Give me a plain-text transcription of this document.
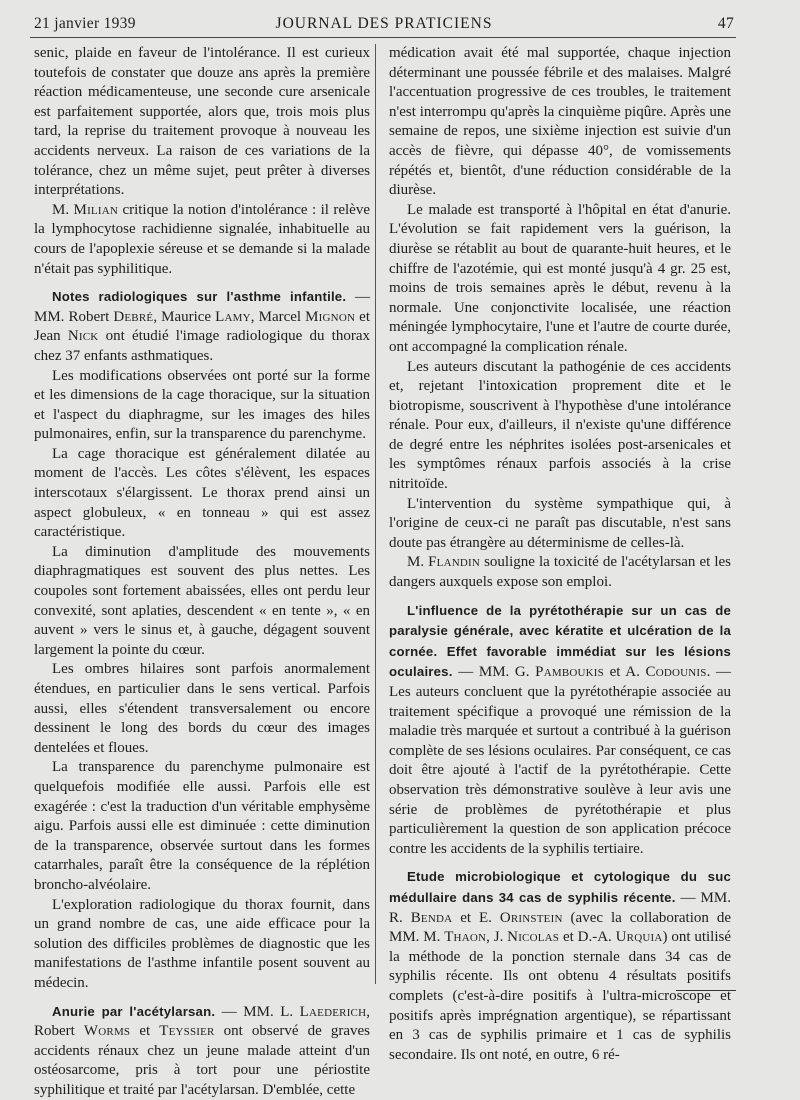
21 janvier 1939	JOURNAL DES PRATICIENS	47

senic, plaide en faveur de l'intolérance. Il est curieux toutefois de constater que douze ans après la première réaction médicamenteuse, une seconde cure arsenicale est parfaitement supportée, alors que, trois mois plus tard, la reprise du traitement provoque à nouveau les accidents nerveux. La raison de ces variations de la tolérance, chez un même sujet, peut prêter à diverses interprétations.

M. Milian critique la notion d'intolérance : il relève la lymphocytose rachidienne signalée, inhabituelle au cours de l'apoplexie séreuse et se demande si la malade n'était pas syphilitique.

Notes radiologiques sur l'asthme infantile. — MM. Robert Debré, Maurice Lamy, Marcel Mignon et Jean Nick ont étudié l'image radiologique du thorax chez 37 enfants asthmatiques.

Les modifications observées ont porté sur la forme et les dimensions de la cage thoracique, sur la situation et l'aspect du diaphragme, sur les images des hiles pulmonaires, enfin, sur la transparence du parenchyme.

La cage thoracique est généralement dilatée au moment de l'accès. Les côtes s'élèvent, les espaces interscotaux s'élargissent. Le thorax prend ainsi un aspect globuleux, « en tonneau » qui est assez caractéristique.

La diminution d'amplitude des mouvements diaphragmatiques est souvent des plus nettes. Les coupoles sont fortement abaissées, elles ont perdu leur convexité, sont aplaties, descendent « en tente », « en auvent » vers le sinus et, à gauche, dégagent souvent largement la pointe du cœur.

Les ombres hilaires sont parfois anormalement étendues, en particulier dans le sens vertical. Parfois aussi, elles s'étendent transversalement ou encore dessinent le long des bords du cœur des images dentelées et floues.

La transparence du parenchyme pulmonaire est quelquefois modifiée elle aussi. Parfois elle est exagérée : c'est la traduction d'un véritable emphysème aigu. Parfois aussi elle est diminuée : cette diminution de la transparence, observée surtout dans les formes catarrhales, paraît être la conséquence de la réplétion broncho-alvéolaire.

L'exploration radiologique du thorax fournit, dans un grand nombre de cas, une aide efficace pour la solution des difficiles problèmes de diagnostic que les manifestations de l'asthme infantile posent souvent au médecin.

Anurie par l'acétylarsan. — MM. L. Laederich, Robert Worms et Teyssier ont observé de graves accidents rénaux chez un jeune malade atteint d'un ostéosarcome, pris à tort pour une périostite syphilitique et traité par l'acétylarsan. D'emblée, cette

médication avait été mal supportée, chaque injection déterminant une poussée fébrile et des malaises. Malgré l'accentuation progressive de ces troubles, le traitement n'est interrompu qu'après la cinquième piqûre. Après une semaine de repos, une sixième injection est suivie d'un accès de fièvre, qui dépasse 40°, de vomissements répétés et, bientôt, d'une réduction considérable de la diurèse.

Le malade est transporté à l'hôpital en état d'anurie. L'évolution se fait rapidement vers la guérison, la diurèse se rétablit au bout de quarante-huit heures, et le chiffre de l'azotémie, qui est monté jusqu'à 4 gr. 25 est, moins de trois semaines après le début, revenu à la normale. Une conjonctivite localisée, une réaction méningée lymphocytaire, l'une et l'autre de courte durée, ont accompagné la complication rénale.

Les auteurs discutant la pathogénie de ces accidents et, rejetant l'intoxication proprement dite et le biotropisme, souscrivent à l'hypothèse d'une intolérance rénale. Pour eux, d'ailleurs, il n'existe qu'une différence de degré entre les néphrites isolées post-arsenicales et les symptômes rénaux parfois associés à la crise nitritoïde.

L'intervention du système sympathique qui, à l'origine de ceux-ci ne paraît pas discutable, n'est sans doute pas étrangère au déterminisme de celles-là.

M. Flandin souligne la toxicité de l'acétylarsan et les dangers auxquels expose son emploi.

L'influence de la pyrétothérapie sur un cas de paralysie générale, avec kératite et ulcération de la cornée. Effet favorable immédiat sur les lésions oculaires. — MM. G. Pamboukis et A. Codounis. — Les auteurs concluent que la pyrétothérapie associée au traitement spécifique a provoqué une rémission de la maladie très marquée et surtout a contribué à la guérison complète de ses lésions oculaires. Par conséquent, ce cas doit être ajouté à l'actif de la pyrétothérapie. Cette observation très démonstrative soulève à leur avis une série de problèmes de pyrétothérapie et plus particulièrement la question de son application précoce contre les accidents de la syphilis tertiaire.

Etude microbiologique et cytologique du suc médullaire dans 34 cas de syphilis récente. — MM. R. Benda et E. Orinstein (avec la collaboration de MM. M. Thaon, J. Nicolas et D.-A. Urquia) ont utilisé la méthode de la ponction sternale dans 34 cas de syphilis récente. Ils ont obtenu 4 résultats positifs complets (c'est-à-dire positifs à l'ultra-microscope et positifs après imprégnation argentique), se répartissant en 3 cas de syphilis primaire et 1 cas de syphilis secondaire. Ils ont noté, en outre, 6 ré-
